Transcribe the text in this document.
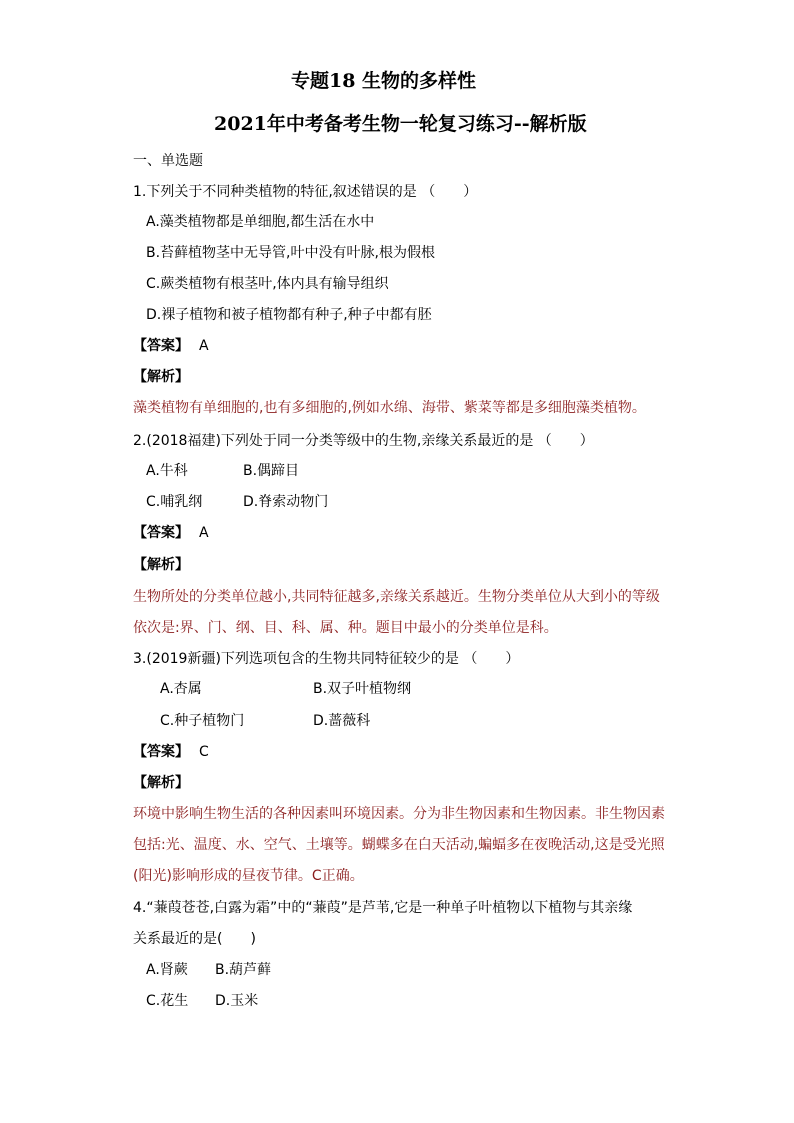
专题18 生物的多样性
2021年中考备考生物一轮复习练习--解析版
一、单选题
1.下列关于不同种类植物的特征,叙述错误的是 （　　）
A.藻类植物都是单细胞,都生活在水中
B.苔藓植物茎中无导管,叶中没有叶脉,根为假根
C.蕨类植物有根茎叶,体内具有输导组织
D.裸子植物和被子植物都有种子,种子中都有胚
【答案】 A
【解析】
藻类植物有单细胞的,也有多细胞的,例如水绵、海带、紫菜等都是多细胞藻类植物。
2.(2018福建)下列处于同一分类等级中的生物,亲缘关系最近的是 （　　）
A.牛科	B.偶蹄目
C.哺乳纲	D.脊索动物门
【答案】 A
【解析】
生物所处的分类单位越小,共同特征越多,亲缘关系越近。生物分类单位从大到小的等级
依次是:界、门、纲、目、科、属、种。题目中最小的分类单位是科。
3.(2019新疆)下列选项包含的生物共同特征较少的是 （　　）
A.杏属	B.双子叶植物纲
C.种子植物门	D.蔷薇科
【答案】 C
【解析】
环境中影响生物生活的各种因素叫环境因素。分为非生物因素和生物因素。非生物因素
包括:光、温度、水、空气、土壤等。蝴蝶多在白天活动,蝙蝠多在夜晚活动,这是受光照
(阳光)影响形成的昼夜节律。C正确。
4.“蒹葭苍苍,白露为霜”中的“蒹葭”是芦苇,它是一种单子叶植物以下植物与其亲缘
关系最近的是(　　)
A.肾蕨 B.葫芦藓
C.花生 D.玉米
